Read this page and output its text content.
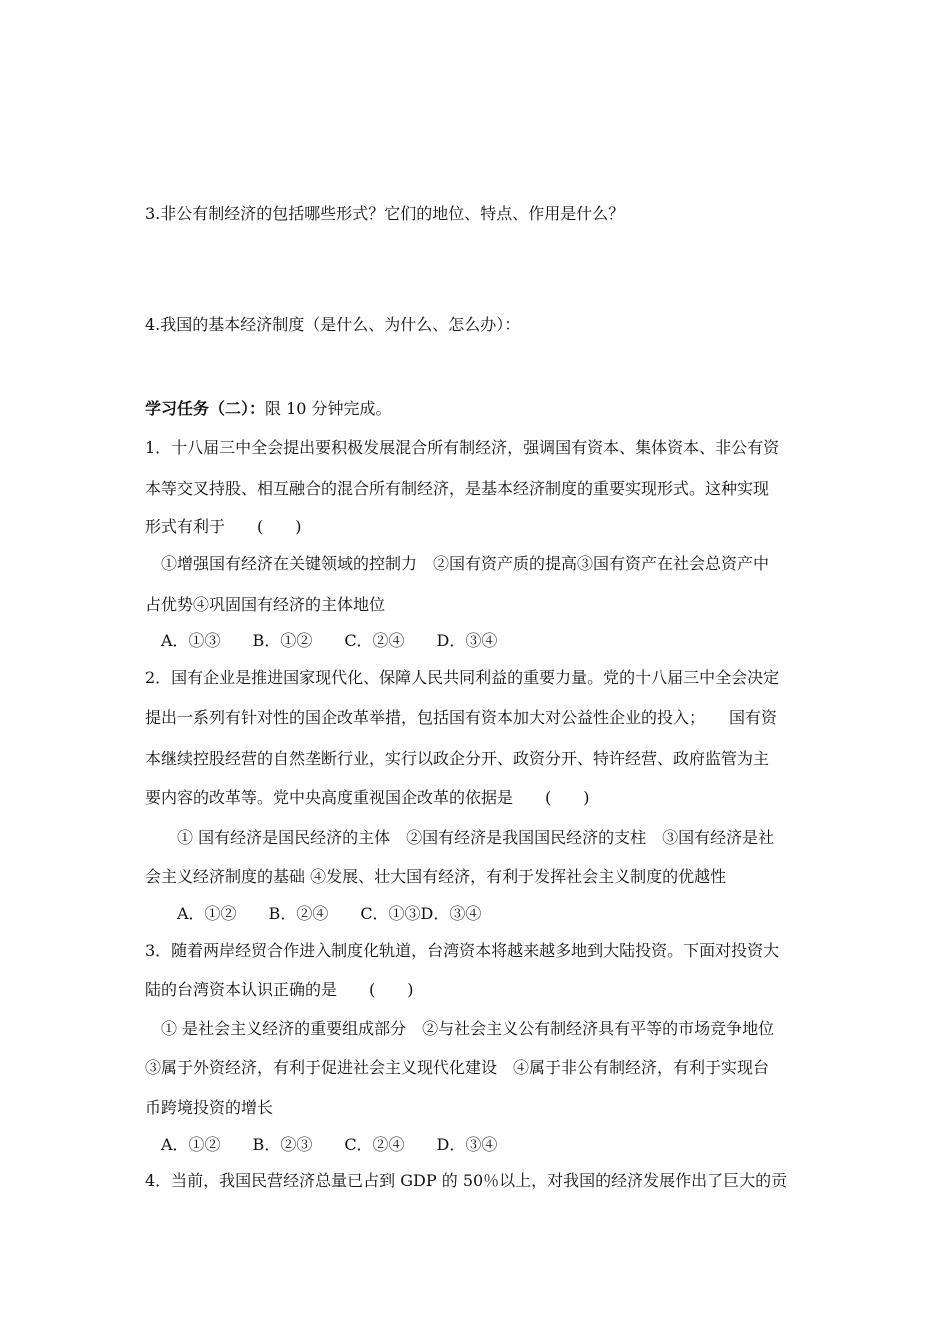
3.非公有制经济的包括哪些形式？它们的地位、特点、作用是什么？

4.我国的基本经济制度（是什么、为什么、怎么办）：

学习任务（二）：限 10 分钟完成。

1．十八届三中全会提出要积极发展混合所有制经济，强调国有资本、集体资本、非公有资

本等交叉持股、相互融合的混合所有制经济，是基本经济制度的重要实现形式。这种实现

形式有利于　　(　　)

　①增强国有经济在关键领域的控制力　②国有资产质的提高③国有资产在社会总资产中

占优势④巩固国有经济的主体地位

　A．①③　　B．①②　　C．②④　　D．③④

2．国有企业是推进国家现代化、保障人民共同利益的重要力量。党的十八届三中全会决定

提出一系列有针对性的国企改革举措，包括国有资本加大对公益性企业的投入；　　国有资

本继续控股经营的自然垄断行业，实行以政企分开、政资分开、特许经营、政府监管为主

要内容的改革等。党中央高度重视国企改革的依据是　　(　　)

　　① 国有经济是国民经济的主体　②国有经济是我国国民经济的支柱　③国有经济是社

会主义经济制度的基础 ④发展、壮大国有经济，有利于发挥社会主义制度的优越性

　　A．①②　　B．②④　　C．①③D．③④

3．随着两岸经贸合作进入制度化轨道，台湾资本将越来越多地到大陆投资。下面对投资大

陆的台湾资本认识正确的是　　(　　)

　① 是社会主义经济的重要组成部分　②与社会主义公有制经济具有平等的市场竞争地位

③属于外资经济，有利于促进社会主义现代化建设　④属于非公有制经济，有利于实现台

币跨境投资的增长

　A．①②　　B．②③　　C．②④　　D．③④

4．当前，我国民营经济总量已占到 GDP 的 50％以上，对我国的经济发展作出了巨大的贡
